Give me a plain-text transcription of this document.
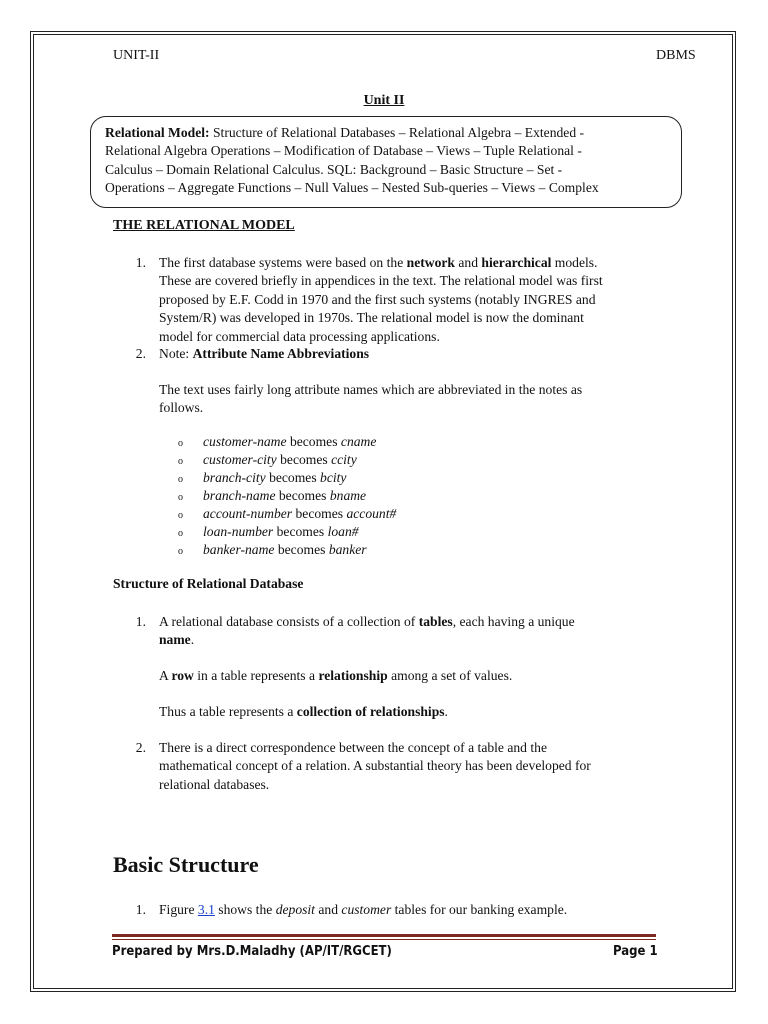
UNIT-II	DBMS
Unit II
Relational Model: Structure of Relational Databases – Relational Algebra – Extended -
Relational Algebra Operations – Modification of Database – Views – Tuple Relational -
Calculus – Domain Relational Calculus. SQL: Background – Basic Structure – Set -
Operations – Aggregate Functions – Null Values – Nested Sub-queries – Views – Complex
THE RELATIONAL MODEL
1. The first database systems were based on the network and hierarchical models.
These are covered briefly in appendices in the text. The relational model was first
proposed by E.F. Codd in 1970 and the first such systems (notably INGRES and
System/R) was developed in 1970s. The relational model is now the dominant
model for commercial data processing applications.
2. Note: Attribute Name Abbreviations
The text uses fairly long attribute names which are abbreviated in the notes as
follows.
o customer-name becomes cname
o customer-city becomes ccity
o branch-city becomes bcity
o branch-name becomes bname
o account-number becomes account#
o loan-number becomes loan#
o banker-name becomes banker
Structure of Relational Database
1. A relational database consists of a collection of tables, each having a unique
name.
A row in a table represents a relationship among a set of values.
Thus a table represents a collection of relationships.
2. There is a direct correspondence between the concept of a table and the
mathematical concept of a relation. A substantial theory has been developed for
relational databases.
Basic Structure
1. Figure 3.1 shows the deposit and customer tables for our banking example.
Prepared by Mrs.D.Maladhy (AP/IT/RGCET)	Page 1
